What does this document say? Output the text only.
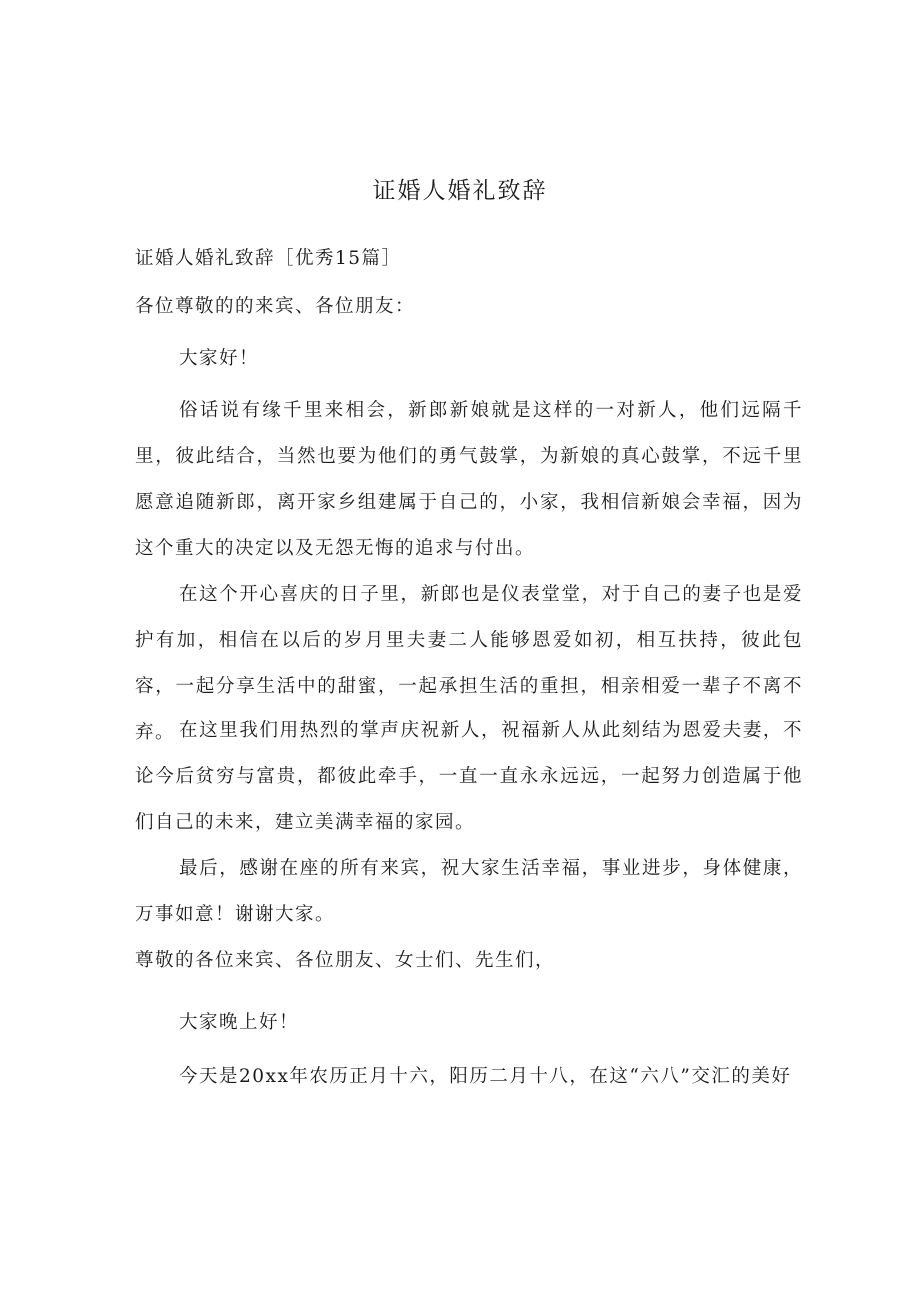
证婚人婚礼致辞

证婚人婚礼致辞［优秀15篇］

各位尊敬的的来宾、各位朋友：

大家好！

俗话说有缘千里来相会，新郎新娘就是这样的一对新人，他们远隔千里，彼此结合，当然也要为他们的勇气鼓掌，为新娘的真心鼓掌，不远千里愿意追随新郎，离开家乡组建属于自己的，小家，我相信新娘会幸福，因为这个重大的决定以及无怨无悔的追求与付出。

在这个开心喜庆的日子里，新郎也是仪表堂堂，对于自己的妻子也是爱护有加，相信在以后的岁月里夫妻二人能够恩爱如初，相互扶持，彼此包容，一起分享生活中的甜蜜，一起承担生活的重担，相亲相爱一辈子不离不弃。 在这里我们用热烈的掌声庆祝新人，祝福新人从此刻结为恩爱夫妻，不论今后贫穷与富贵，都彼此牵手，一直一直永永远远，一起努力创造属于他们自己的未来，建立美满幸福的家园。

最后，感谢在座的所有来宾，祝大家生活幸福，事业进步，身体健康，万事如意！谢谢大家。

尊敬的各位来宾、各位朋友、女士们、先生们，

大家晚上好！

今天是20xx年农历正月十六，阳历二月十八，在这“六八”交汇的美好
